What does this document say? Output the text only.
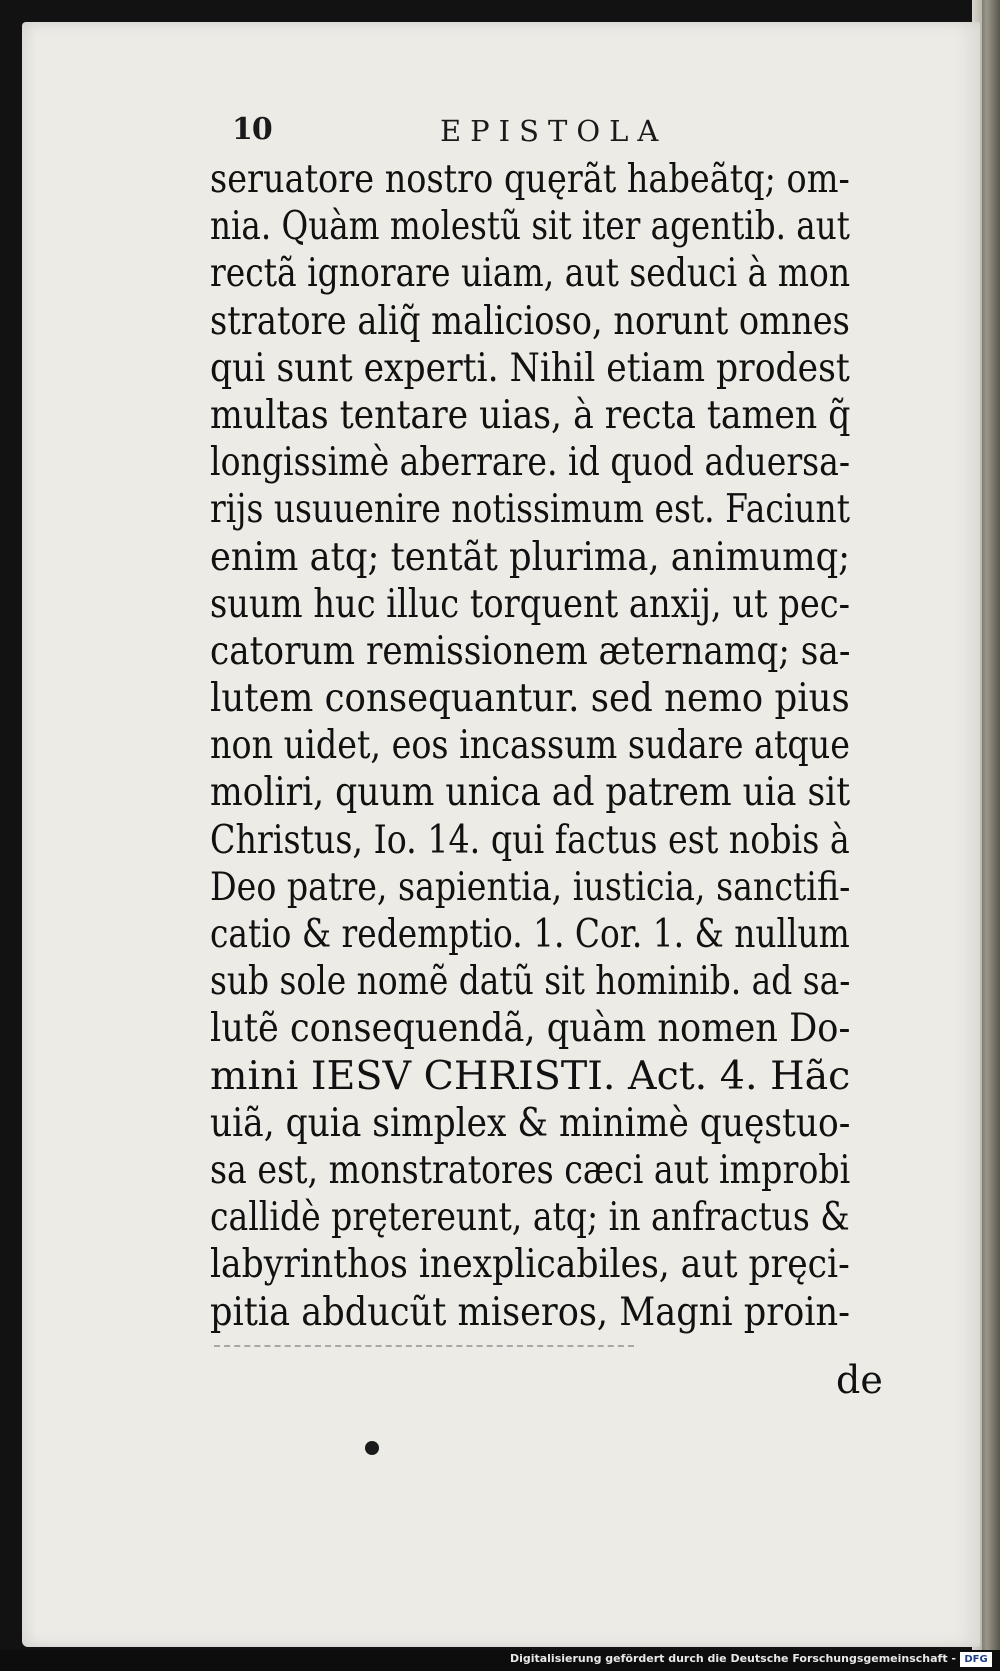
10	EPISTOLA
seruatore nostro quęrãt habeãtq; om-
nia. Quàm molestũ sit iter agentib. aut
rectã ignorare uiam, aut seduci à mon
stratore aliq̃ malicioso, norunt omnes
qui sunt experti. Nihil etiam prodest
multas tentare uias, à recta tamen q̃
longissimè aberrare. id quod aduersa-
rijs usuuenire notissimum est. Faciunt
enim atq; tentãt plurima, animumq;
suum huc illuc torquent anxij, ut pec-
catorum remissionem æternamq; sa-
lutem consequantur. sed nemo pius
non uidet, eos incassum sudare atque
moliri, quum unica ad patrem uia sit
Christus, Io. 14. qui factus est nobis à
Deo patre, sapientia, iusticia, sanctifi-
catio & redemptio. 1. Cor. 1. & nullum
sub sole nomẽ datũ sit hominib. ad sa-
lutẽ consequendã, quàm nomen Do-
mini IESV CHRISTI. Act. 4. Hãc
uiã, quia simplex & minimè quęstuo-
sa est, monstratores cæci aut improbi
callidè prętereunt, atq; in anfractus &
labyrinthos inexplicabiles, aut pręci-
pitia abducũt miseros, Magni proin-
de
Digitalisierung gefördert durch die Deutsche Forschungsgemeinschaft - DFG
